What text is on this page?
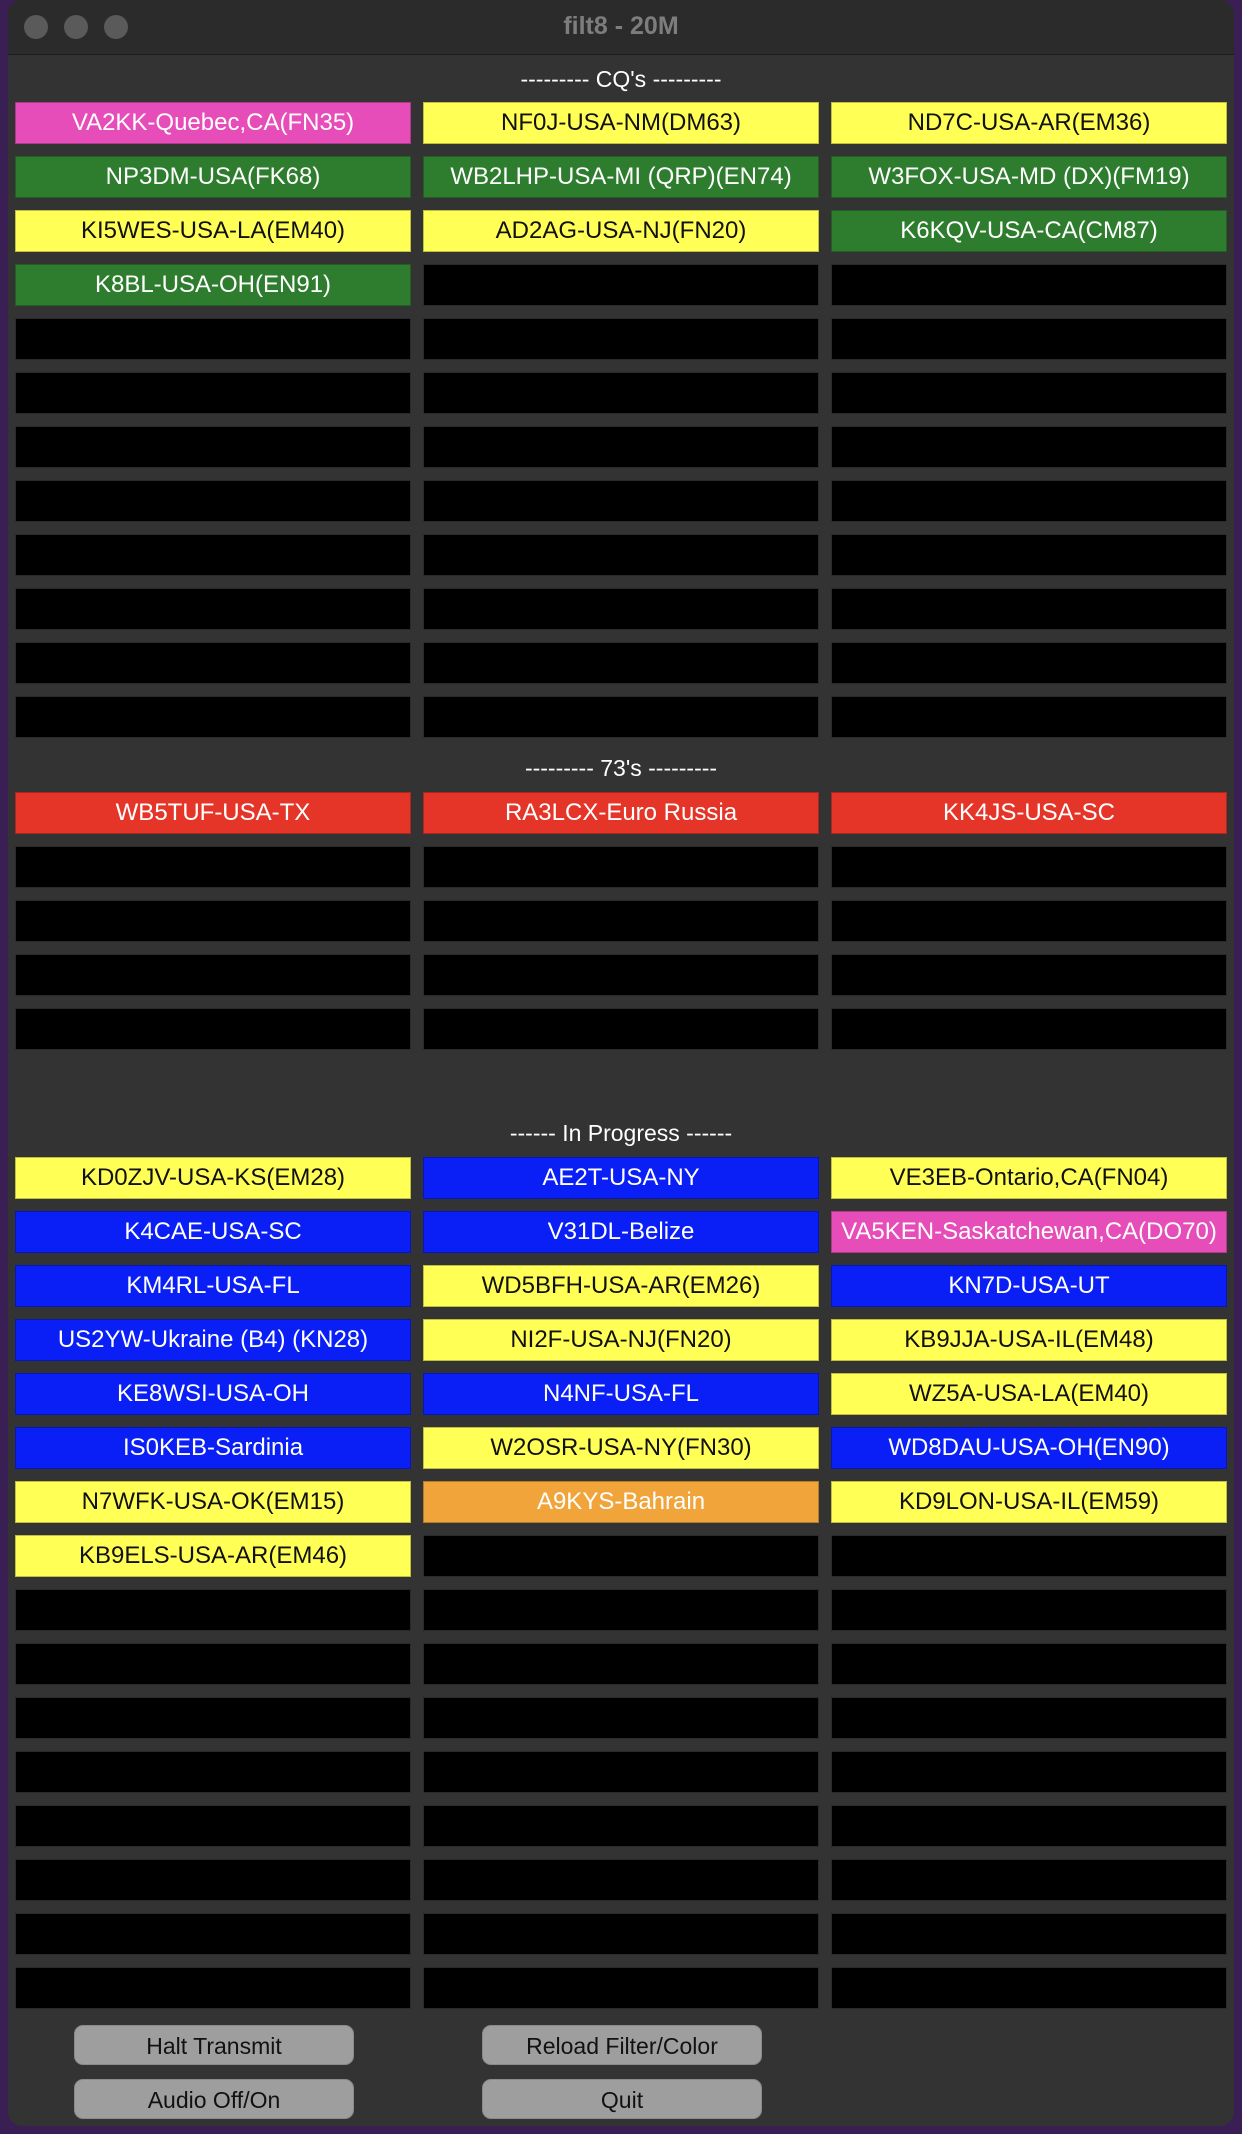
filt8 - 20M
--------- CQ's ---------
VA2KK-Quebec,CA(FN35)	NF0J-USA-NM(DM63)	ND7C-USA-AR(EM36)
NP3DM-USA(FK68)	WB2LHP-USA-MI (QRP)(EN74)	W3FOX-USA-MD (DX)(FM19)
KI5WES-USA-LA(EM40)	AD2AG-USA-NJ(FN20)	K6KQV-USA-CA(CM87)
K8BL-USA-OH(EN91)
--------- 73's ---------
WB5TUF-USA-TX	RA3LCX-Euro Russia	KK4JS-USA-SC
------ In Progress ------
KD0ZJV-USA-KS(EM28)	AE2T-USA-NY	VE3EB-Ontario,CA(FN04)
K4CAE-USA-SC	V31DL-Belize	VA5KEN-Saskatchewan,CA(DO70)
KM4RL-USA-FL	WD5BFH-USA-AR(EM26)	KN7D-USA-UT
US2YW-Ukraine (B4) (KN28)	NI2F-USA-NJ(FN20)	KB9JJA-USA-IL(EM48)
KE8WSI-USA-OH	N4NF-USA-FL	WZ5A-USA-LA(EM40)
IS0KEB-Sardinia	W2OSR-USA-NY(FN30)	WD8DAU-USA-OH(EN90)
N7WFK-USA-OK(EM15)	A9KYS-Bahrain	KD9LON-USA-IL(EM59)
KB9ELS-USA-AR(EM46)
Halt Transmit	Reload Filter/Color
Audio Off/On	Quit
